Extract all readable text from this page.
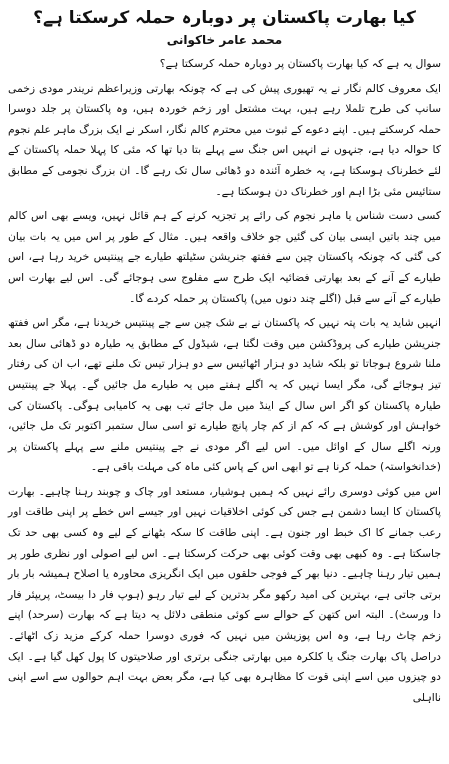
کیا بھارت پاکستان پر دوبارہ حملہ کرسکتا ہے؟
محمد عامر خاکوانی

سوال یہ ہے کہ کیا بھارت پاکستان پر دوبارہ حملہ کرسکتا ہے؟

ایک معروف کالم نگار نے یہ تھیوری پیش کی ہے کہ چونکہ بھارتی وزیراعظم نریندر مودی زخمی سانپ کی طرح تلملا رہے ہیں، بہت مشتعل اور زخم خوردہ ہیں، وہ پاکستان پر جلد دوسرا حملہ کرسکتے ہیں۔ اپنے دعوے کے ثبوت میں محترم کالم نگار، اسکر نے ایک بزرگ ماہر علم نجوم کا حوالہ دیا ہے، جنہوں نے انہیں اس جنگ سے پہلے بتا دیا تھا کہ مئی کا پہلا حملہ پاکستان کے لئے خطرناک ہوسکتا ہے، یہ خطرہ آئندہ دو ڈھائی سال تک رہے گا۔ ان بزرگ نجومی کے مطابق ستائیس مئی بڑا اہم اور خطرناک دن ہوسکتا ہے۔

کسی دست شناس یا ماہر نجوم کی رائے پر تجزیہ کرنے کے ہم قائل نہیں، ویسے بھی اس کالم میں چند باتیں ایسی بیان کی گئیں جو خلاف واقعہ ہیں۔ مثال کے طور پر اس میں یہ بات بیان کی گئی کہ چونکہ پاکستان چین سے ففتھ جنریشن سٹیلتھ طیارے جے پینتیس خرید رہا ہے، اس طیارے کے آنے کے بعد بھارتی فضائیہ ایک طرح سے مفلوج سی ہوجائے گی۔ اس لیے بھارت اس طیارے کے آنے سے قبل (اگلے چند دنوں میں) پاکستان پر حملہ کردے گا۔

انہیں شاید یہ بات پتہ نہیں کہ پاکستان نے بے شک چین سے جے پینتیس خریدنا ہے، مگر اس ففتھ جنریشن طیارے کی پروڈکشن میں وقت لگتا ہے، شیڈول کے مطابق یہ طیارہ دو ڈھائی سال بعد ملنا شروع ہوجاتا تو بلکہ شاید دو ہزار اٹھائیس سے دو ہزار تیس تک ملنے تھے، اب ان کی رفتار تیز ہوجائے گی، مگر ایسا نہیں کہ یہ اگلے ہفتے میں یہ طیارے مل جائیں گے۔ پہلا جے پینتیس طیارہ پاکستان کو اگر اس سال کے اینڈ میں مل جائے تب بھی یہ کامیابی ہوگی۔ پاکستان کی خواہش اور کوشش ہے کہ کم از کم چار پانچ طیارے تو اسی سال ستمبر اکتوبر تک مل جائیں، ورنہ اگلے سال کے اوائل میں۔ اس لیے اگر مودی نے جے پینتیس ملنے سے پہلے پاکستان پر (خدانخواستہ) حملہ کرنا ہے تو ابھی اس کے پاس کئی ماہ کی مہلت باقی ہے۔

اس میں کوئی دوسری رائے نہیں کہ ہمیں ہوشیار، مستعد اور چاک و چوبند رہنا چاہیے۔ بھارت پاکستان کا ایسا دشمن ہے جس کی کوئی اخلاقیات نہیں اور جیسے اس خطے پر اپنی طاقت اور رعب جمانے کا اک خبط اور جنون ہے۔ اپنی طاقت کا سکہ بٹھانے کے لیے وہ کسی بھی حد تک جاسکتا ہے۔ وہ کبھی بھی وقت کوئی بھی حرکت کرسکتا ہے۔ اس لیے اصولی اور نظری طور پر ہمیں تیار رہنا چاہیے۔ دنیا بھر کے فوجی حلقوں میں ایک انگریزی محاورہ یا اصلاح ہمیشہ بار بار برتی جاتی ہے، بہترین کی امید رکھو مگر بدترین کے لیے تیار رہو (ہوپ فار دا بیسٹ، پریپئر فار دا ورسٹ)۔ البتہ اس کتھن کے حوالے سے کوئی منطقی دلائل یہ دیتا ہے کہ بھارت (سرحد) اپنے زخم چاٹ رہا ہے، وہ اس پوزیشن میں نہیں کہ فوری دوسرا حملہ کرکے مزید زک اٹھائے۔ دراصل پاک بھارت جنگ یا کلکرہ میں بھارتی جنگی برتری اور صلاحیتوں کا پول کھل گیا ہے۔ ایک دو چیزوں میں اسے اپنی قوت کا مظاہرہ بھی کیا ہے، مگر بعض بہت اہم حوالوں سے اسے اپنی نااہلی
